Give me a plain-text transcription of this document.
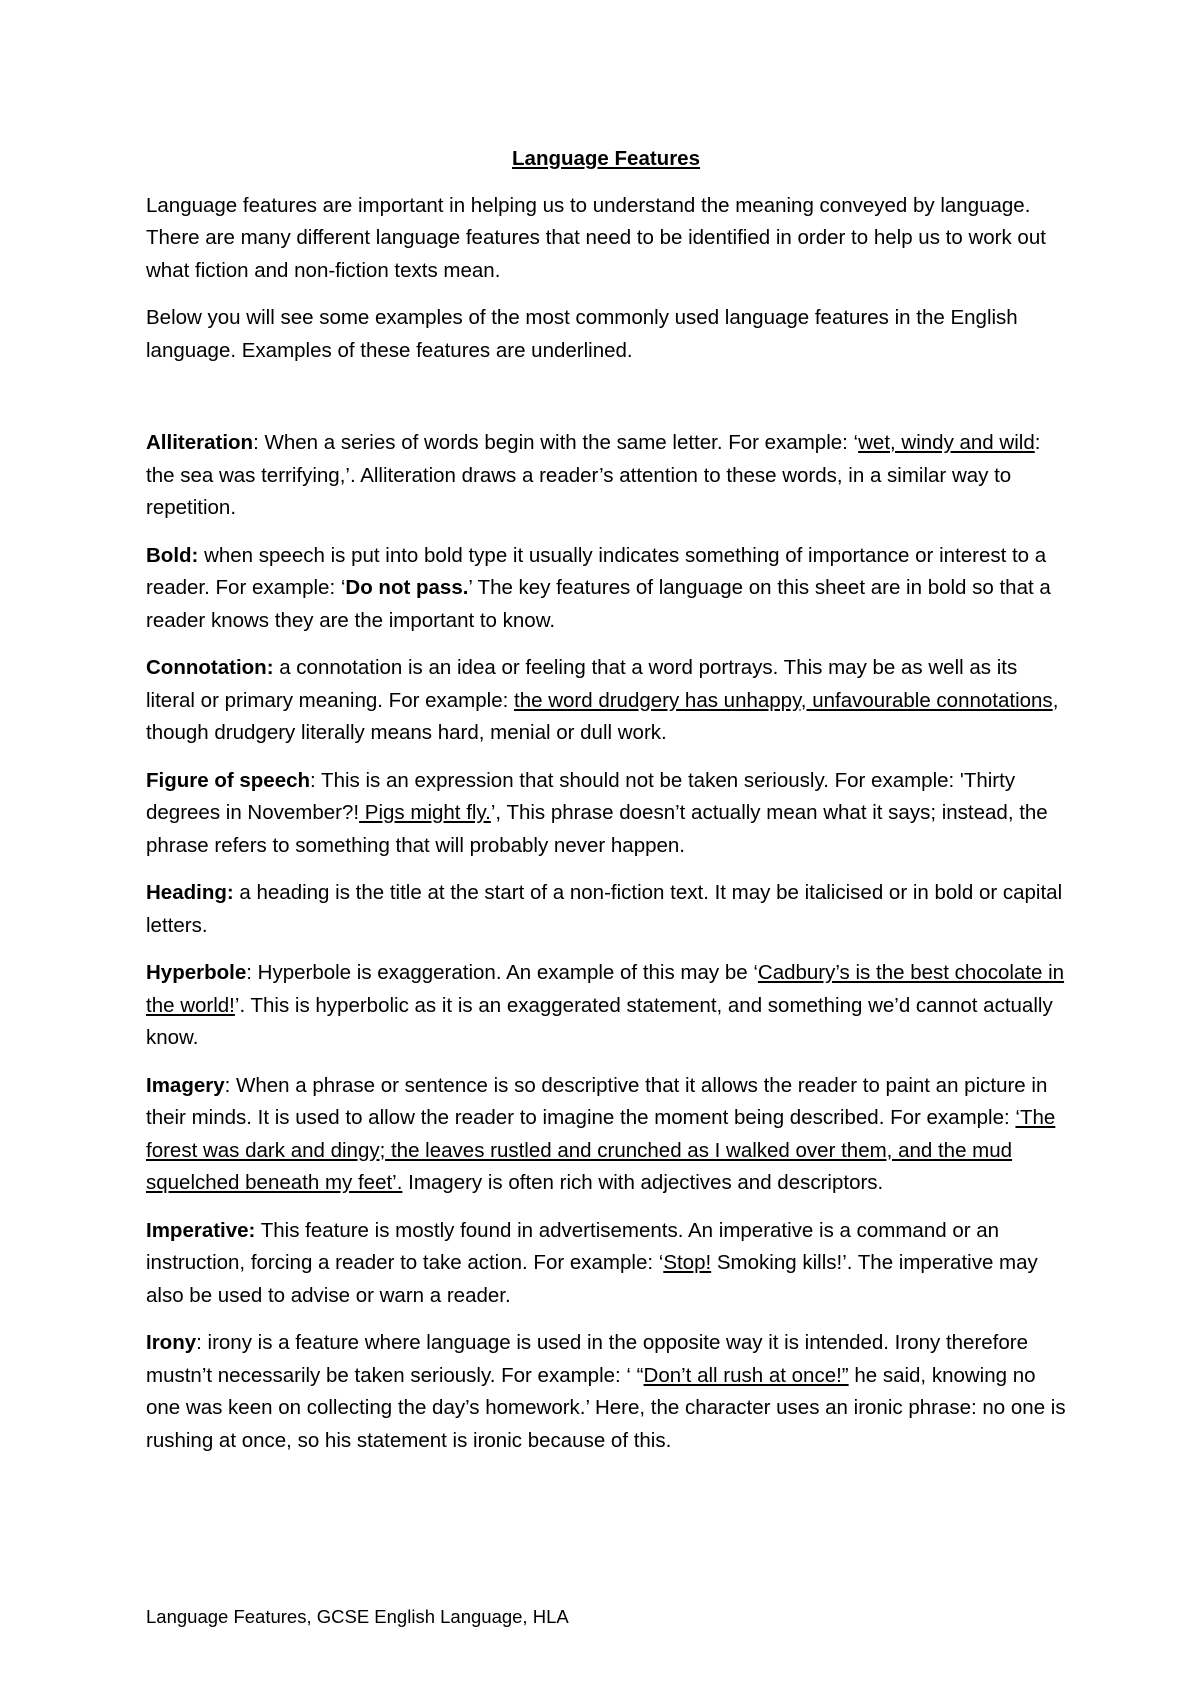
Language Features

Language features are important in helping us to understand the meaning conveyed by language. There are many different language features that need to be identified in order to help us to work out what fiction and non-fiction texts mean.

Below you will see some examples of the most commonly used language features in the English language. Examples of these features are underlined.

Alliteration: When a series of words begin with the same letter. For example: ‘wet, windy and wild: the sea was terrifying,’. Alliteration draws a reader’s attention to these words, in a similar way to repetition.

Bold: when speech is put into bold type it usually indicates something of importance or interest to a reader. For example: ‘Do not pass.’ The key features of language on this sheet are in bold so that a reader knows they are the important to know.

Connotation: a connotation is an idea or feeling that a word portrays. This may be as well as its literal or primary meaning. For example: the word drudgery has unhappy, unfavourable connotations, though drudgery literally means hard, menial or dull work.

Figure of speech: This is an expression that should not be taken seriously. For example: 'Thirty degrees in November?! Pigs might fly.’, This phrase doesn’t actually mean what it says; instead, the phrase refers to something that will probably never happen.

Heading: a heading is the title at the start of a non-fiction text. It may be italicised or in bold or capital letters.

Hyperbole: Hyperbole is exaggeration. An example of this may be ‘Cadbury’s is the best chocolate in the world!’. This is hyperbolic as it is an exaggerated statement, and something we’d cannot actually know.

Imagery: When a phrase or sentence is so descriptive that it allows the reader to paint an picture in their minds. It is used to allow the reader to imagine the moment being described. For example: ‘The forest was dark and dingy; the leaves rustled and crunched as I walked over them, and the mud squelched beneath my feet’. Imagery is often rich with adjectives and descriptors.

Imperative: This feature is mostly found in advertisements. An imperative is a command or an instruction, forcing a reader to take action. For example: ‘Stop! Smoking kills!’. The imperative may also be used to advise or warn a reader.

Irony: irony is a feature where language is used in the opposite way it is intended. Irony therefore mustn’t necessarily be taken seriously. For example: ‘ “Don’t all rush at once!” he said, knowing no one was keen on collecting the day’s homework.’ Here, the character uses an ironic phrase: no one is rushing at once, so his statement is ironic because of this.

Language Features, GCSE English Language, HLA
